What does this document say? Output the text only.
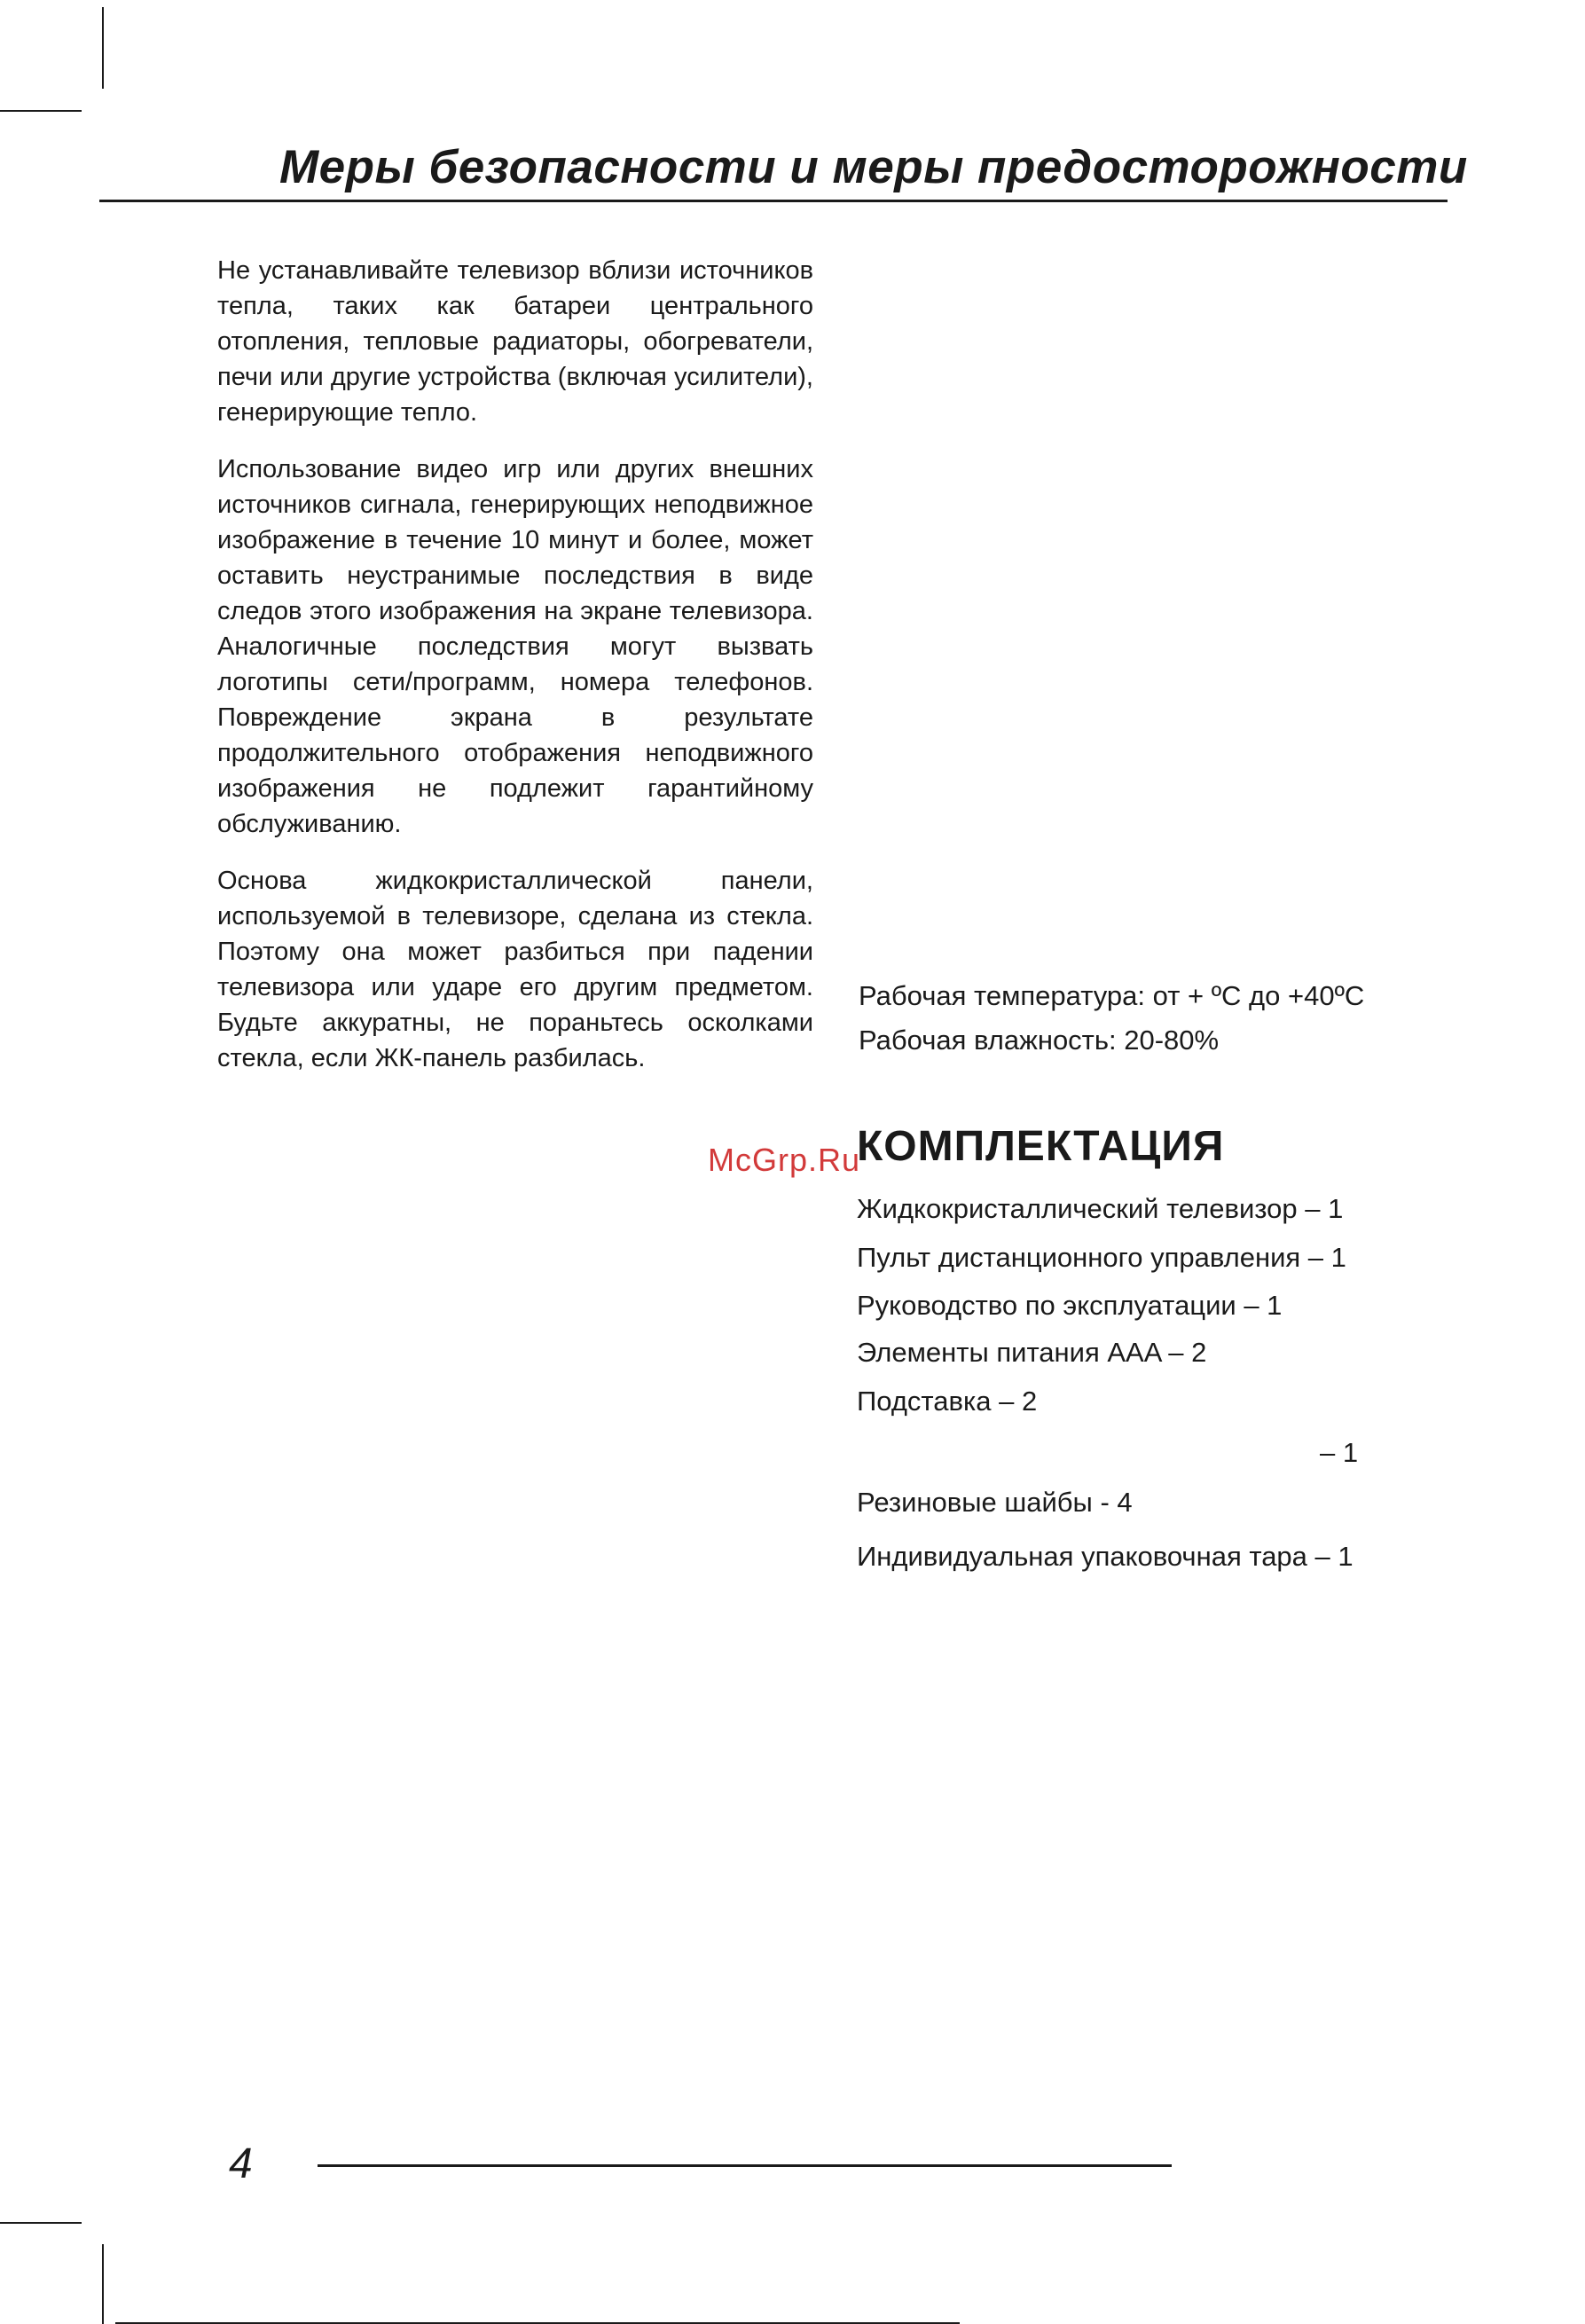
Меры безопасности и меры предосторожности

Не устанавливайте телевизор вблизи источников тепла, таких как батареи центрального отопления, тепловые радиаторы, обогреватели, печи или другие устройства (включая усилители), генерирующие тепло.

Использование видео игр или других внешних источников сигнала, генерирующих неподвижное изображение в течение 10 минут и более, может оставить неустранимые последствия в виде следов этого изображения на экране телевизора. Аналогичные последствия могут вызвать логотипы сети/программ, номера телефонов. Повреждение экрана в результате продолжительного отображения неподвижного изображения не подлежит гарантийному обслуживанию.

Основа жидкокристаллической панели, используемой в телевизоре, сделана из стекла. Поэтому она может разбиться при падении телевизора или ударе его другим предметом. Будьте аккуратны, не пораньтесь осколками стекла, если ЖК-панель разбилась.

Рабочая температура: от + ºС до +40ºС
Рабочая влажность: 20-80%
КОМПЛЕКТАЦИЯ
McGrp.Ru
Жидкокристаллический телевизор – 1
Пульт дистанционного управления – 1
Руководство по эксплуатации – 1
Элементы питания AAA – 2
Подставка – 2
– 1
Резиновые шайбы - 4
Индивидуальная упаковочная тара – 1
4
